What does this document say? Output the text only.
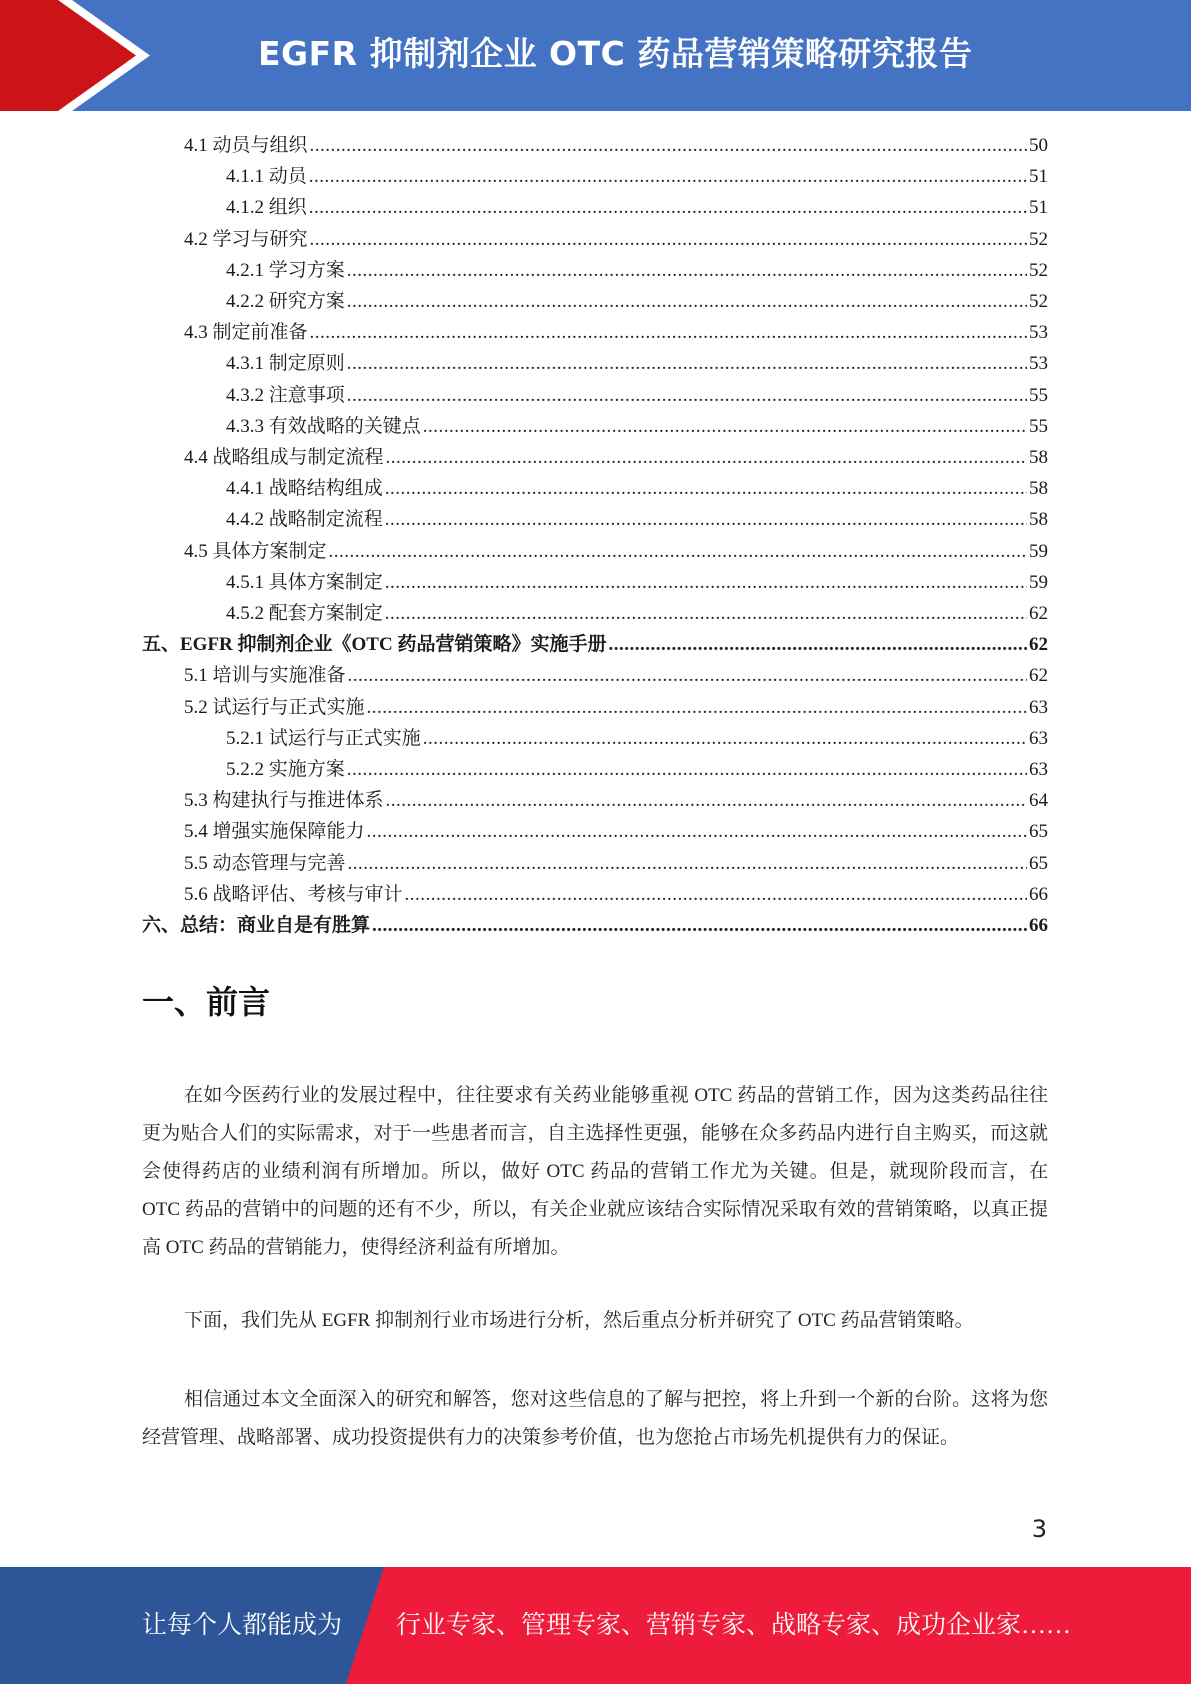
EGFR 抑制剂企业 OTC 药品营销策略研究报告
4.1 动员与组织 .....	50
4.1.1 动员 .....	51
4.1.2 组织 .....	51
4.2 学习与研究 .....	52
4.2.1 学习方案 .....	52
4.2.2 研究方案 .....	52
4.3 制定前准备 .....	53
4.3.1 制定原则 .....	53
4.3.2 注意事项 .....	55
4.3.3 有效战略的关键点 .....	55
4.4 战略组成与制定流程 .....	58
4.4.1 战略结构组成 .....	58
4.4.2 战略制定流程 .....	58
4.5 具体方案制定 .....	59
4.5.1 具体方案制定 .....	59
4.5.2 配套方案制定 .....	62
五、EGFR 抑制剂企业《OTC 药品营销策略》实施手册 .....	62
5.1 培训与实施准备 .....	62
5.2 试运行与正式实施 .....	63
5.2.1 试运行与正式实施 .....	63
5.2.2 实施方案 .....	63
5.3 构建执行与推进体系 .....	64
5.4 增强实施保障能力 .....	65
5.5 动态管理与完善 .....	65
5.6 战略评估、考核与审计 .....	66
六、总结：商业自是有胜算 .....	66
一、前言
在如今医药行业的发展过程中，往往要求有关药业能够重视 OTC 药品的营销工作，因为这类药品往往更为贴合人们的实际需求，对于一些患者而言，自主选择性更强，能够在众多药品内进行自主购买，而这就会使得药店的业绩利润有所增加。所以，做好 OTC 药品的营销工作尤为关键。但是，就现阶段而言，在 OTC 药品的营销中的问题的还有不少，所以，有关企业就应该结合实际情况采取有效的营销策略，以真正提高 OTC 药品的营销能力，使得经济利益有所增加。
下面，我们先从 EGFR 抑制剂行业市场进行分析，然后重点分析并研究了 OTC 药品营销策略。
相信通过本文全面深入的研究和解答，您对这些信息的了解与把控，将上升到一个新的台阶。这将为您经营管理、战略部署、成功投资提供有力的决策参考价值，也为您抢占市场先机提供有力的保证。
3
让每个人都能成为 行业专家、管理专家、营销专家、战略专家、成功企业家……
